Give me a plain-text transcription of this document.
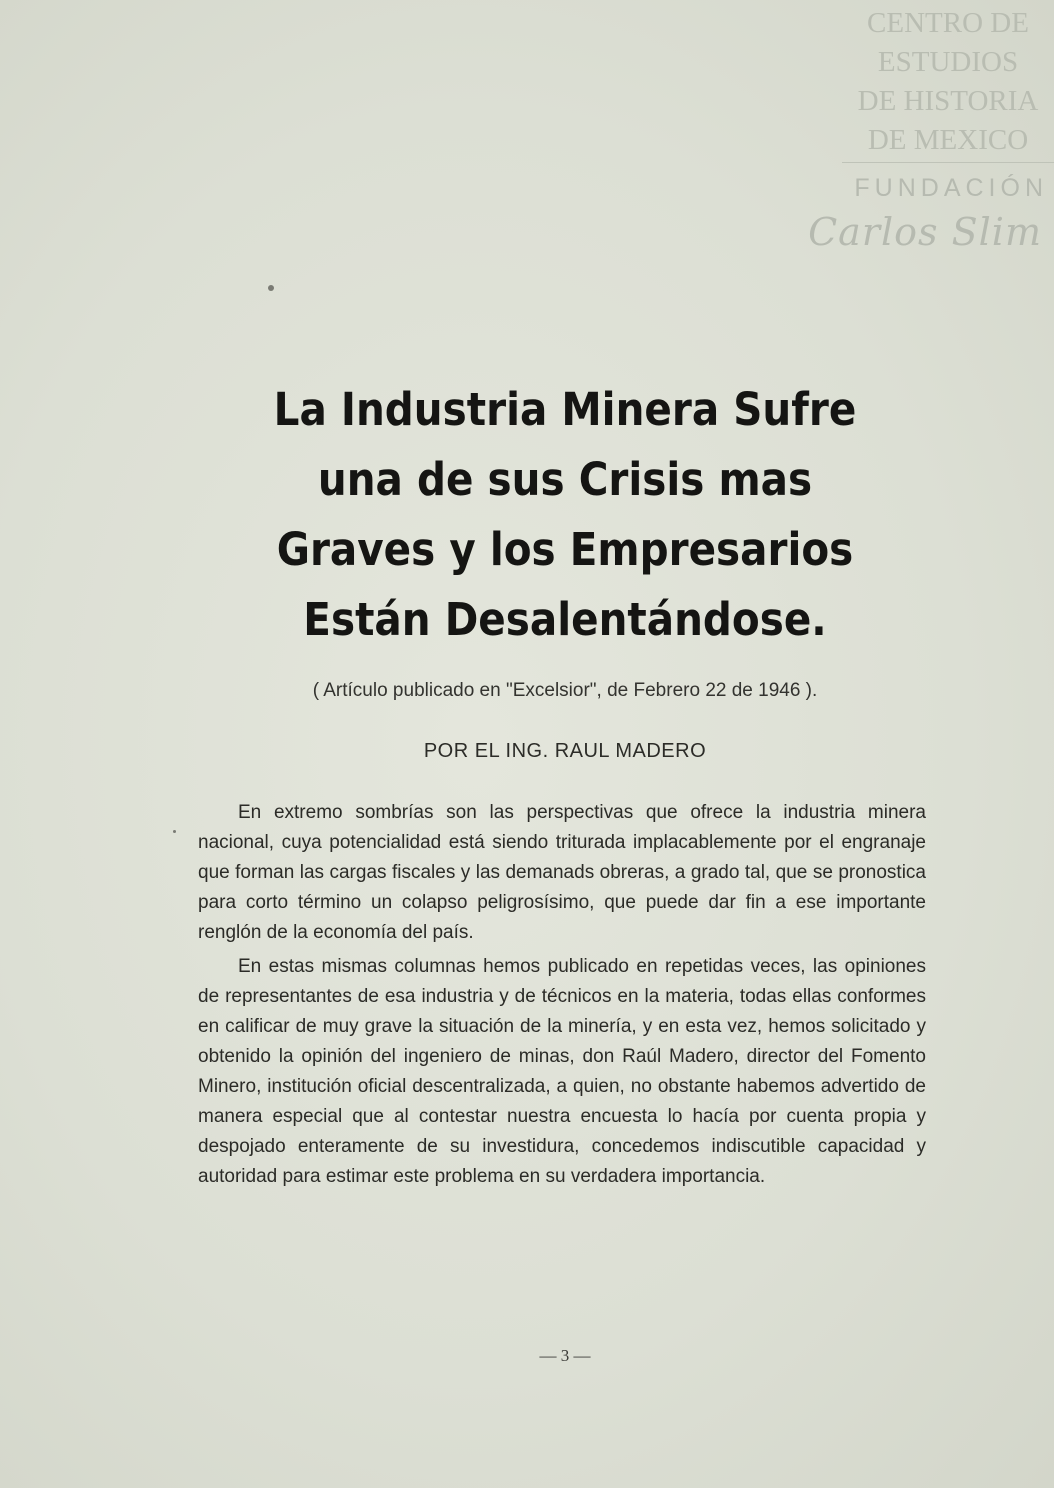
CENTRO DE
ESTUDIOS
DE HISTORIA
DE MEXICO
FUNDACIÓN
Carlos Slim
La Industria Minera Sufre una de sus Crisis mas Graves y los Empresarios Están Desalentándose.
( Artículo publicado en "Excelsior", de Febrero 22 de 1946 ).
POR EL ING. RAUL MADERO

En extremo sombrías son las perspectivas que ofrece la industria minera nacional, cuya potencialidad está siendo triturada implacablemente por el engranaje que forman las cargas fiscales y las demanads obreras, a grado tal, que se pronostica para corto término un colapso peligrosísimo, que puede dar fin a ese importante renglón de la economía del país.

En estas mismas columnas hemos publicado en repetidas veces, las opiniones de representantes de esa industria y de técnicos en la materia, todas ellas conformes en calificar de muy grave la situación de la minería, y en esta vez, hemos solicitado y obtenido la opinión del ingeniero de minas, don Raúl Madero, director del Fomento Minero, institución oficial descentralizada, a quien, no obstante habemos advertido de manera especial que al contestar nuestra encuesta lo hacía por cuenta propia y despojado enteramente de su investidura, concedemos indiscutible capacidad y autoridad para estimar este problema en su verdadera importancia.

— 3 —
